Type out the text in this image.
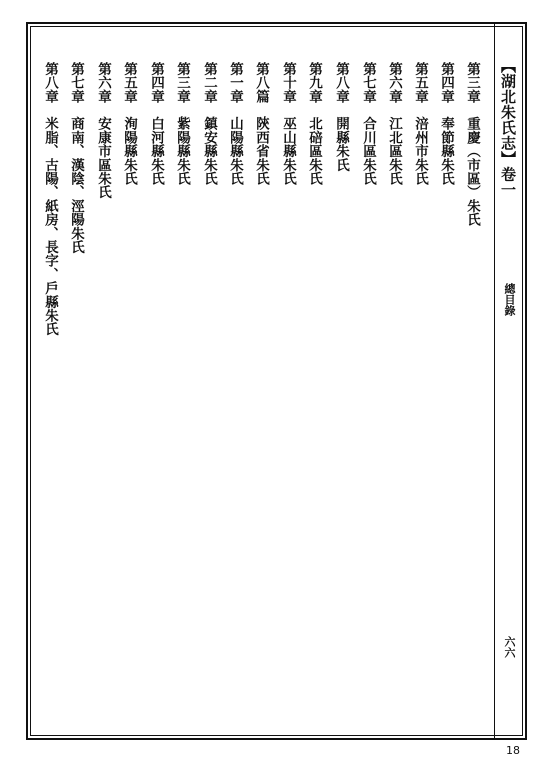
【湖北朱氏志】卷一
總目錄
六六
第三章　重慶（市區）朱氏
第四章　奉節縣朱氏
第五章　涪州市朱氏
第六章　江北區朱氏
第七章　合川區朱氏
第八章　開縣朱氏
第九章　北碚區朱氏
第十章　巫山縣朱氏
第八篇　陝西省朱氏
第一章　山陽縣朱氏
第二章　鎮安縣朱氏
第三章　紫陽縣朱氏
第四章　白河縣朱氏
第五章　洵陽縣朱氏
第六章　安康市區朱氏
第七章　商南、漢陰、涇陽朱氏
第八章　米脂、古陽、紙房、長字、戶縣朱氏
18
